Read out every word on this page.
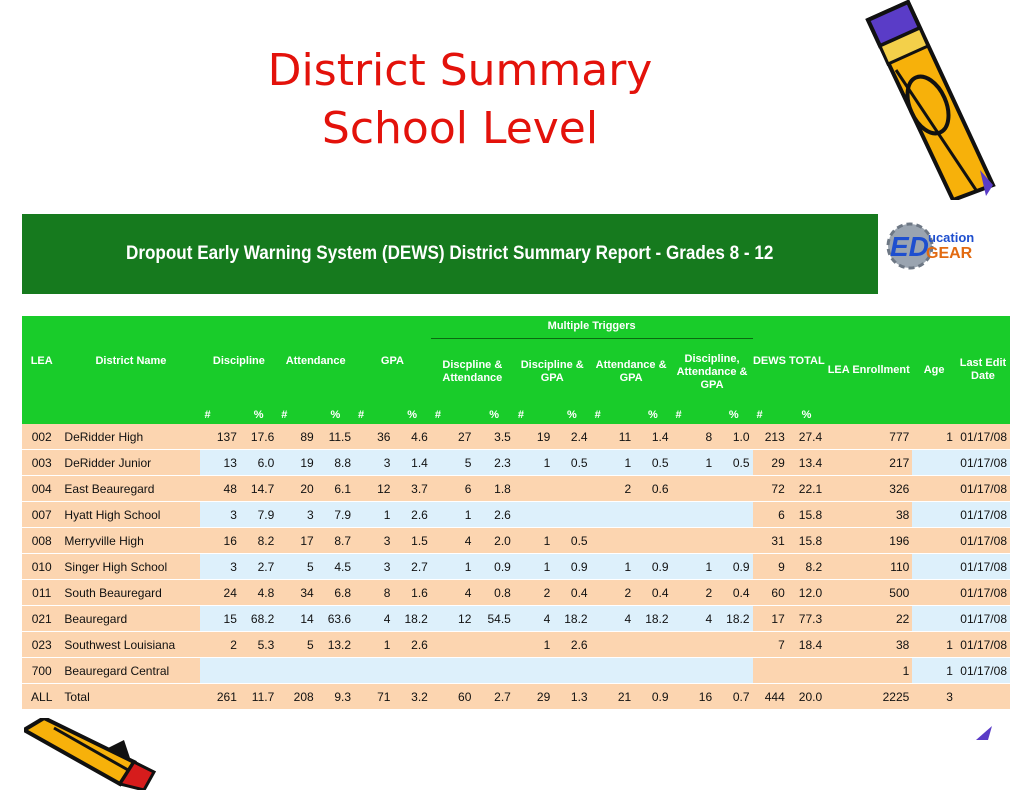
District Summary
School Level
Dropout Early Warning System (DEWS) District Summary Report - Grades 8 - 12	ED ucation
GEAR
LEA	District Name	Discipline		Attendance		GPA		Multiple Triggers								DEWS TOTAL		LEA Enrollment	Age	Last Edit Date
								Discpline & Attendance		Discipline & GPA		Attendance & GPA		Discipline, Attendance & GPA						
		#	%	#	%	#	%	#	%	#	%	#	%	#	%	#	%			
002	DeRidder High	137	17.6	89	11.5	36	4.6	27	3.5	19	2.4	11	1.4	8	1.0	213	27.4	777	1	01/17/08
003	DeRidder Junior	13	6.0	19	8.8	3	1.4	5	2.3	1	0.5	1	0.5	1	0.5	29	13.4	217		01/17/08
004	East Beauregard	48	14.7	20	6.1	12	3.7	6	1.8			2	0.6			72	22.1	326		01/17/08
007	Hyatt High School	3	7.9	3	7.9	1	2.6	1	2.6							6	15.8	38		01/17/08
008	Merryville High	16	8.2	17	8.7	3	1.5	4	2.0	1	0.5					31	15.8	196		01/17/08
010	Singer High School	3	2.7	5	4.5	3	2.7	1	0.9	1	0.9	1	0.9	1	0.9	9	8.2	110		01/17/08
011	South Beauregard	24	4.8	34	6.8	8	1.6	4	0.8	2	0.4	2	0.4	2	0.4	60	12.0	500		01/17/08
021	Beauregard	15	68.2	14	63.6	4	18.2	12	54.5	4	18.2	4	18.2	4	18.2	17	77.3	22		01/17/08
023	Southwest Louisiana	2	5.3	5	13.2	1	2.6			1	2.6					7	18.4	38	1	01/17/08
700	Beauregard Central																	1	1	01/17/08
ALL	Total	261	11.7	208	9.3	71	3.2	60	2.7	29	1.3	21	0.9	16	0.7	444	20.0	2225	3	
